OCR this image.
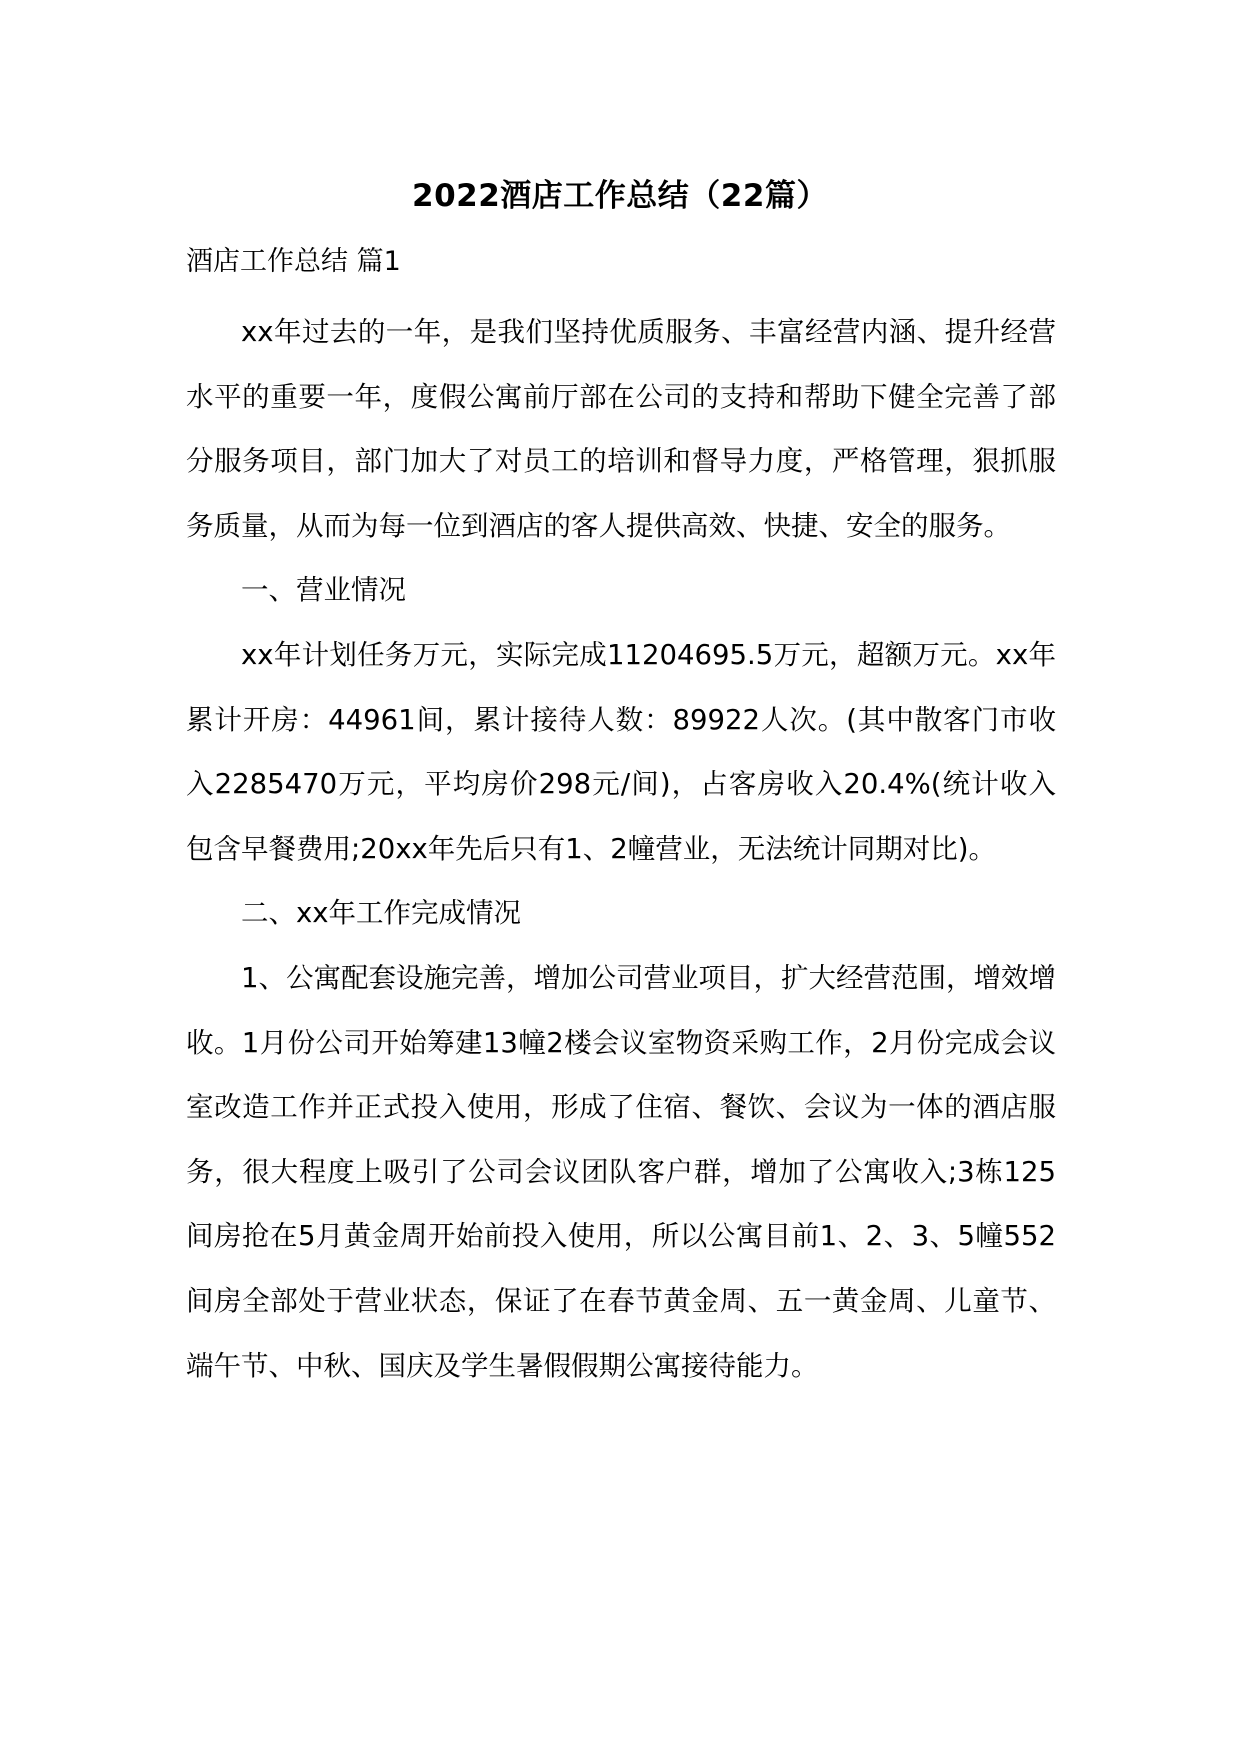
2022酒店工作总结（22篇）
酒店工作总结 篇1

xx年过去的一年，是我们坚持优质服务、丰富经营内涵、提升经营水平的重要一年，度假公寓前厅部在公司的支持和帮助下健全完善了部分服务项目，部门加大了对员工的培训和督导力度，严格管理，狠抓服务质量，从而为每一位到酒店的客人提供高效、快捷、安全的服务。

一、营业情况

xx年计划任务万元，实际完成11204695.5万元，超额万元。xx年累计开房：44961间，累计接待人数：89922人次。(其中散客门市收入2285470万元，平均房价298元/间)，占客房收入20.4%(统计收入包含早餐费用;20xx年先后只有1、2幢营业，无法统计同期对比)。

二、xx年工作完成情况

1、公寓配套设施完善，增加公司营业项目，扩大经营范围，增效增收。1月份公司开始筹建13幢2楼会议室物资采购工作，2月份完成会议室改造工作并正式投入使用，形成了住宿、餐饮、会议为一体的酒店服务，很大程度上吸引了公司会议团队客户群，增加了公寓收入;3栋125间房抢在5月黄金周开始前投入使用，所以公寓目前1、2、3、5幢552间房全部处于营业状态，保证了在春节黄金周、五一黄金周、儿童节、端午节、中秋、国庆及学生暑假假期公寓接待能力。
